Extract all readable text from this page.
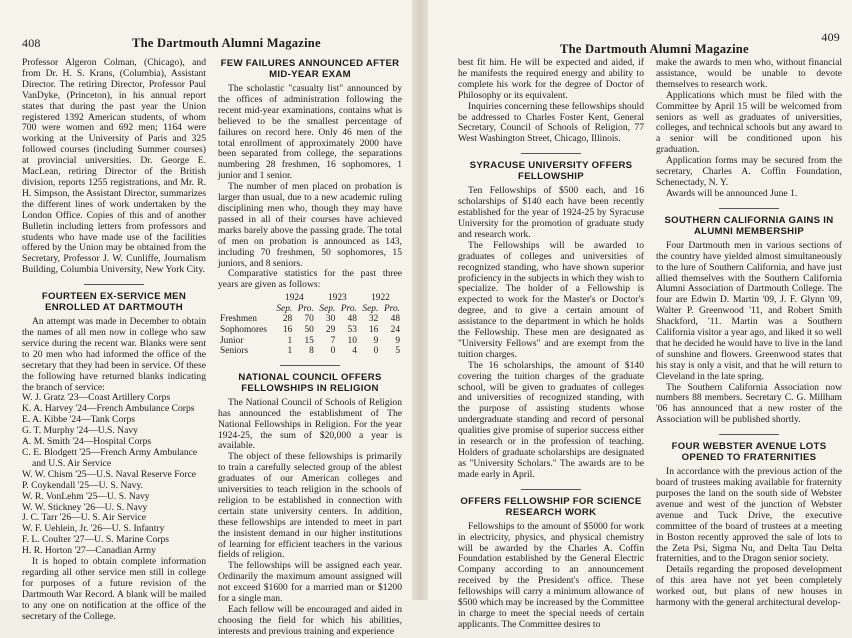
408	The Dartmouth Alumni Magazine

Professor Algeron Colman, (Chicago), and from Dr. H. S. Krans, (Columbia), Assistant Director. The retiring Director, Professor Paul VanDyke, (Princeton), in his annual report states that during the past year the Union registered 1392 American students, of whom 700 were women and 692 men; 1164 were working at the University of Paris and 325 followed courses (including Summer courses) at provincial universities. Dr. George E. MacLean, retiring Director of the British division, reports 1255 registrations, and Mr. R. H. Simpson, the Assistant Director, summarizes the different lines of work undertaken by the London Office. Copies of this and of another Bulletin including letters from professors and students who have made use of the facilities offered by the Union may be obtained from the Secretary, Professor J. W. Cunliffe, Journalism Building, Columbia University, New York City.

FOURTEEN EX-SERVICE MEN ENROLLED AT DARTMOUTH

An attempt was made in December to obtain the names of all men now in college who saw service during the recent war. Blanks were sent to 20 men who had informed the office of the secretary that they had been in service. Of these the following have returned blanks indicating the branch of service:

W. J. Gratz '23—Coast Artillery Corps
K. A. Harvey '24—French Ambulance Corps
E. A. Kibbe '24—Tank Corps
G. T. Murphy '24—U.S. Navy
A. M. Smith '24—Hospital Corps
C. E. Blodgett '25—French Army Ambulance and U.S. Air Service
W. W. Chism '25—U.S. Naval Reserve Force
P. Coykendall '25—U. S. Navy.
W. R. VonLehm '25—U. S. Navy
W. W. Stickney '26—U. S. Navy
J. C. Tarr '26—U. S. Air Service
W. F. Uehlein, Jr. '26—U. S. Infantry
F. L. Coulter '27—U. S. Marine Corps
H. R. Horton '27—Canadian Army

It is hoped to obtain complete information regarding all other service men still in college for purposes of a future revision of the Dartmouth War Record. A blank will be mailed to any one on notification at the office of the secretary of the College.

FEW FAILURES ANNOUNCED AFTER MID-YEAR EXAM

The scholastic "casualty list" announced by the offices of administration following the recent mid-year examinations, contains what is believed to be the smallest percentage of failures on record here. Only 46 men of the total enrollment of approximately 2000 have been separated from college, the separations numbering 28 freshmen, 16 sophomores, 1 junior and 1 senior.

The number of men placed on probation is larger than usual, due to a new academic ruling disciplining men who, though they may have passed in all of their courses have achieved marks barely above the passing grade. The total of men on probation is announced as 143, including 70 freshmen, 50 sophomores, 15 juniors, and 8 seniors.

Comparative statistics for the past three years are given as follows:

	1924		1923		1922	
	Sep.	Pro.	Sep.	Pro.	Sep.	Pro.
Freshmen	28	70	30	48	32	48
Sophomores	16	50	29	53	16	24
Junior	1	15	7	10	9	9
Seniors	1	8	0	4	0	5
NATIONAL COUNCIL OFFERS FELLOWSHIPS IN RELIGION

The National Council of Schools of Religion has announced the establishment of The National Fellowships in Religion. For the year 1924-25, the sum of $20,000 a year is available.

The object of these fellowships is primarily to train a carefully selected group of the ablest graduates of our American colleges and universities to teach religion in the schools of religion to be established in connection with certain state university centers. In addition, these fellowships are intended to meet in part the insistent demand in our higher institutions of learning for efficient teachers in the various fields of religion.

The fellowships will be assigned each year. Ordinarily the maximum amount assigned will not exceed $1600 for a married man or $1200 for a single man.

Each fellow will be encouraged and aided in choosing the field for which his abilities, interests and previous training and experience

The Dartmouth Alumni Magazine
409

best fit him. He will be expected and aided, if he manifests the required energy and ability to complete his work for the degree of Doctor of Philosophy or its equivalent.

Inquiries concerning these fellowships should be addressed to Charles Foster Kent, General Secretary, Council of Schools of Religion, 77 West Washington Street, Chicago, Illinois.

SYRACUSE UNIVERSITY OFFERS FELLOWSHIP

Ten Fellowships of $500 each, and 16 scholarships of $140 each have been recently established for the year of 1924-25 by Syracuse University for the promotion of graduate study and research work.

The Fellowships will be awarded to graduates of colleges and universities of recognized standing, who have shown superior proficiency in the subjects in which they wish to specialize. The holder of a Fellowship is expected to work for the Master's or Doctor's degree, and to give a certain amount of assistance to the department in which he holds the Fellowship. These men are designated as "University Fellows" and are exempt from the tuition charges.

The 16 scholarships, the amount of $140 covering the tuition charges of the graduate school, will be given to graduates of colleges and universities of recognized standing, with the purpose of assisting students whose undergraduate standing and record of personal qualities give promise of superior success either in research or in the profession of teaching. Holders of graduate scholarships are designated as "University Scholars." The awards are to be made early in April.

OFFERS FELLOWSHIP FOR SCIENCE RESEARCH WORK

Fellowships to the amount of $5000 for work in electricity, physics, and physical chemistry will be awarded by the Charles A. Coffin Foundation established by the General Electric Company according to an announcement received by the President's office. These fellowships will carry a minimum allowance of $500 which may be increased by the Committee in charge to meet the special needs of certain applicants. The Committee desires to

make the awards to men who, without financial assistance, would be unable to devote themselves to research work.

Applications which must be filed with the Committee by April 15 will be welcomed from seniors as well as graduates of universities, colleges, and technical schools but any award to a senior will be conditioned upon his graduation.

Application forms may be secured from the secretary, Charles A. Coffin Foundation, Schenectady, N. Y.

Awards will be announced June 1.

SOUTHERN CALIFORNIA GAINS IN ALUMNI MEMBERSHIP

Four Dartmouth men in various sections of the country have yielded almost simultaneously to the lure of Southern California, and have just allied themselves with the Southern California Alumni Association of Dartmouth College. The four are Edwin D. Martin '09, J. F. Glynn '09, Walter P. Greenwood '11, and Robert Smith Shackford, '11. Martin was a Southern California visitor a year ago, and liked it so well that he decided he would have to live in the land of sunshine and flowers. Greenwood states that his stay is only a visit, and that he will return to Cleveland in the late spring.

The Southern California Association now numbers 88 members. Secretary C. G. Millham '06 has announced that a new roster of the Association will be published shortly.

FOUR WEBSTER AVENUE LOTS OPENED TO FRATERNITIES

In accordance with the previous action of the board of trustees making available for fraternity purposes the land on the south side of Webster avenue and west of the junction of Webster avenue and Tuck Drive, the executive committee of the board of trustees at a meeting in Boston recently approved the sale of lots to the Zeta Psi, Sigma Nu, and Delta Tau Delta fraternities, and to the Dragon senior society.

Details regarding the proposed development of this area have not yet been completely worked out, but plans of new houses in harmony with the general architectural develop-
